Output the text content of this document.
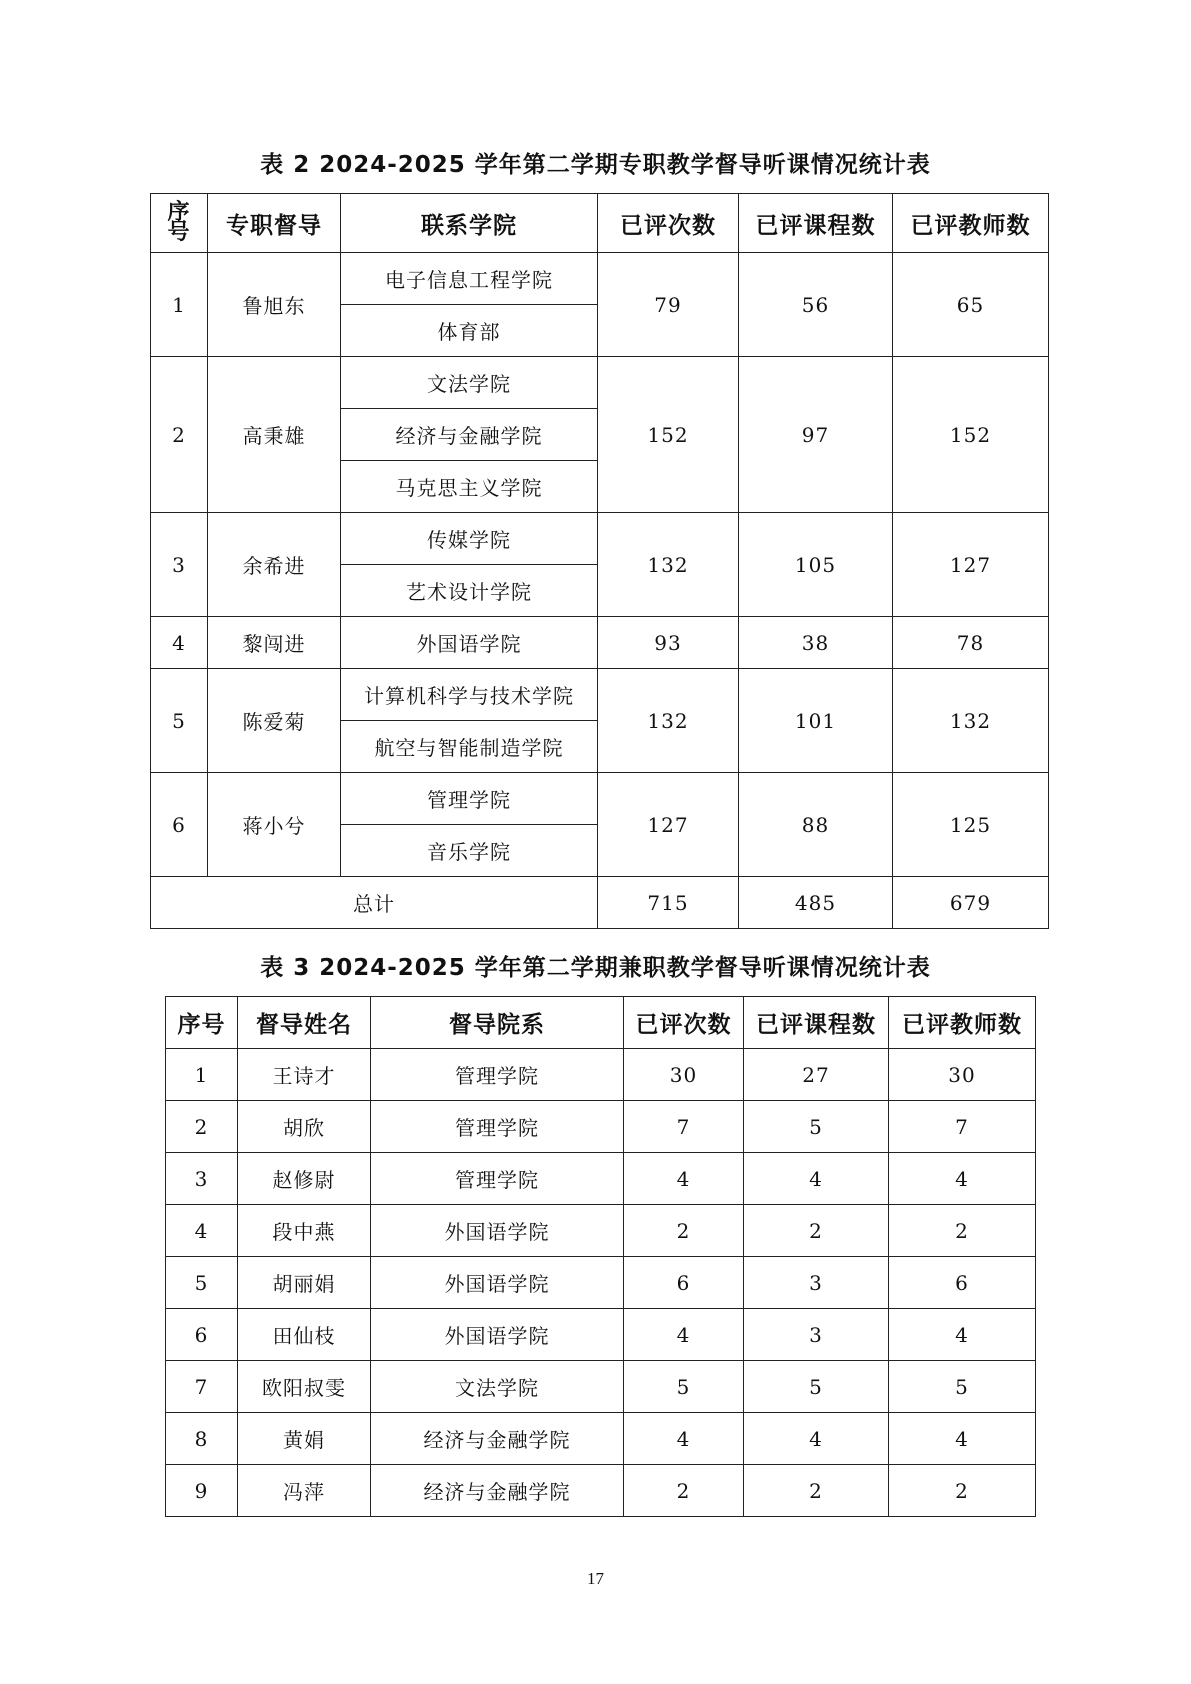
表 2 2024-2025 学年第二学期专职教学督导听课情况统计表
序
号	专职督导	联系学院	已评次数	已评课程数	已评教师数
1	鲁旭东	电子信息工程学院	79	56	65
		体育部			
2	高秉雄	文法学院	152	97	152
		经济与金融学院			
		马克思主义学院			
3	余希进	传媒学院	132	105	127
		艺术设计学院			
4	黎闯进	外国语学院	93	38	78
5	陈爱菊	计算机科学与技术学院	132	101	132
		航空与智能制造学院			
6	蒋小兮	管理学院	127	88	125
		音乐学院			
总计			715	485	679
表 3 2024-2025 学年第二学期兼职教学督导听课情况统计表
序号	督导姓名	督导院系	已评次数	已评课程数	已评教师数
1	王诗才	管理学院	30	27	30
2	胡欣	管理学院	7	5	7
3	赵修尉	管理学院	4	4	4
4	段中燕	外国语学院	2	2	2
5	胡丽娟	外国语学院	6	3	6
6	田仙枝	外国语学院	4	3	4
7	欧阳叔雯	文法学院	5	5	5
8	黄娟	经济与金融学院	4	4	4
9	冯萍	经济与金融学院	2	2	2
17
